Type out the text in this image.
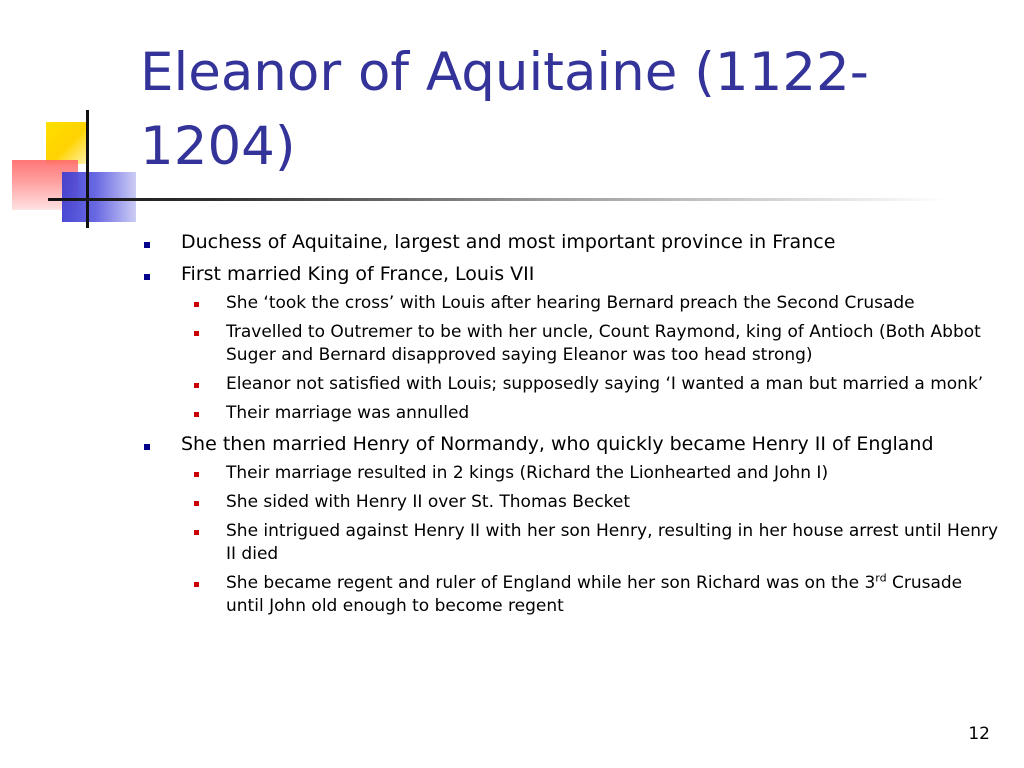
Eleanor of Aquitaine (1122-1204)
Duchess of Aquitaine, largest and most important province in France
First married King of France, Louis VII
She ‘took the cross’ with Louis after hearing Bernard preach the Second Crusade
Travelled to Outremer to be with her uncle, Count Raymond, king of Antioch (Both Abbot Suger and Bernard disapproved saying Eleanor was too head strong)
Eleanor not satisfied with Louis; supposedly saying ‘I wanted a man but married a monk’
Their marriage was annulled
She then married Henry of Normandy, who quickly became Henry II of England
Their marriage resulted in 2 kings (Richard the Lionhearted and John I)
She sided with Henry II over St. Thomas Becket
She intrigued against Henry II with her son Henry, resulting in her house arrest until Henry II died
She became regent and ruler of England while her son Richard was on the 3rd Crusade until John old enough to become regent
12
